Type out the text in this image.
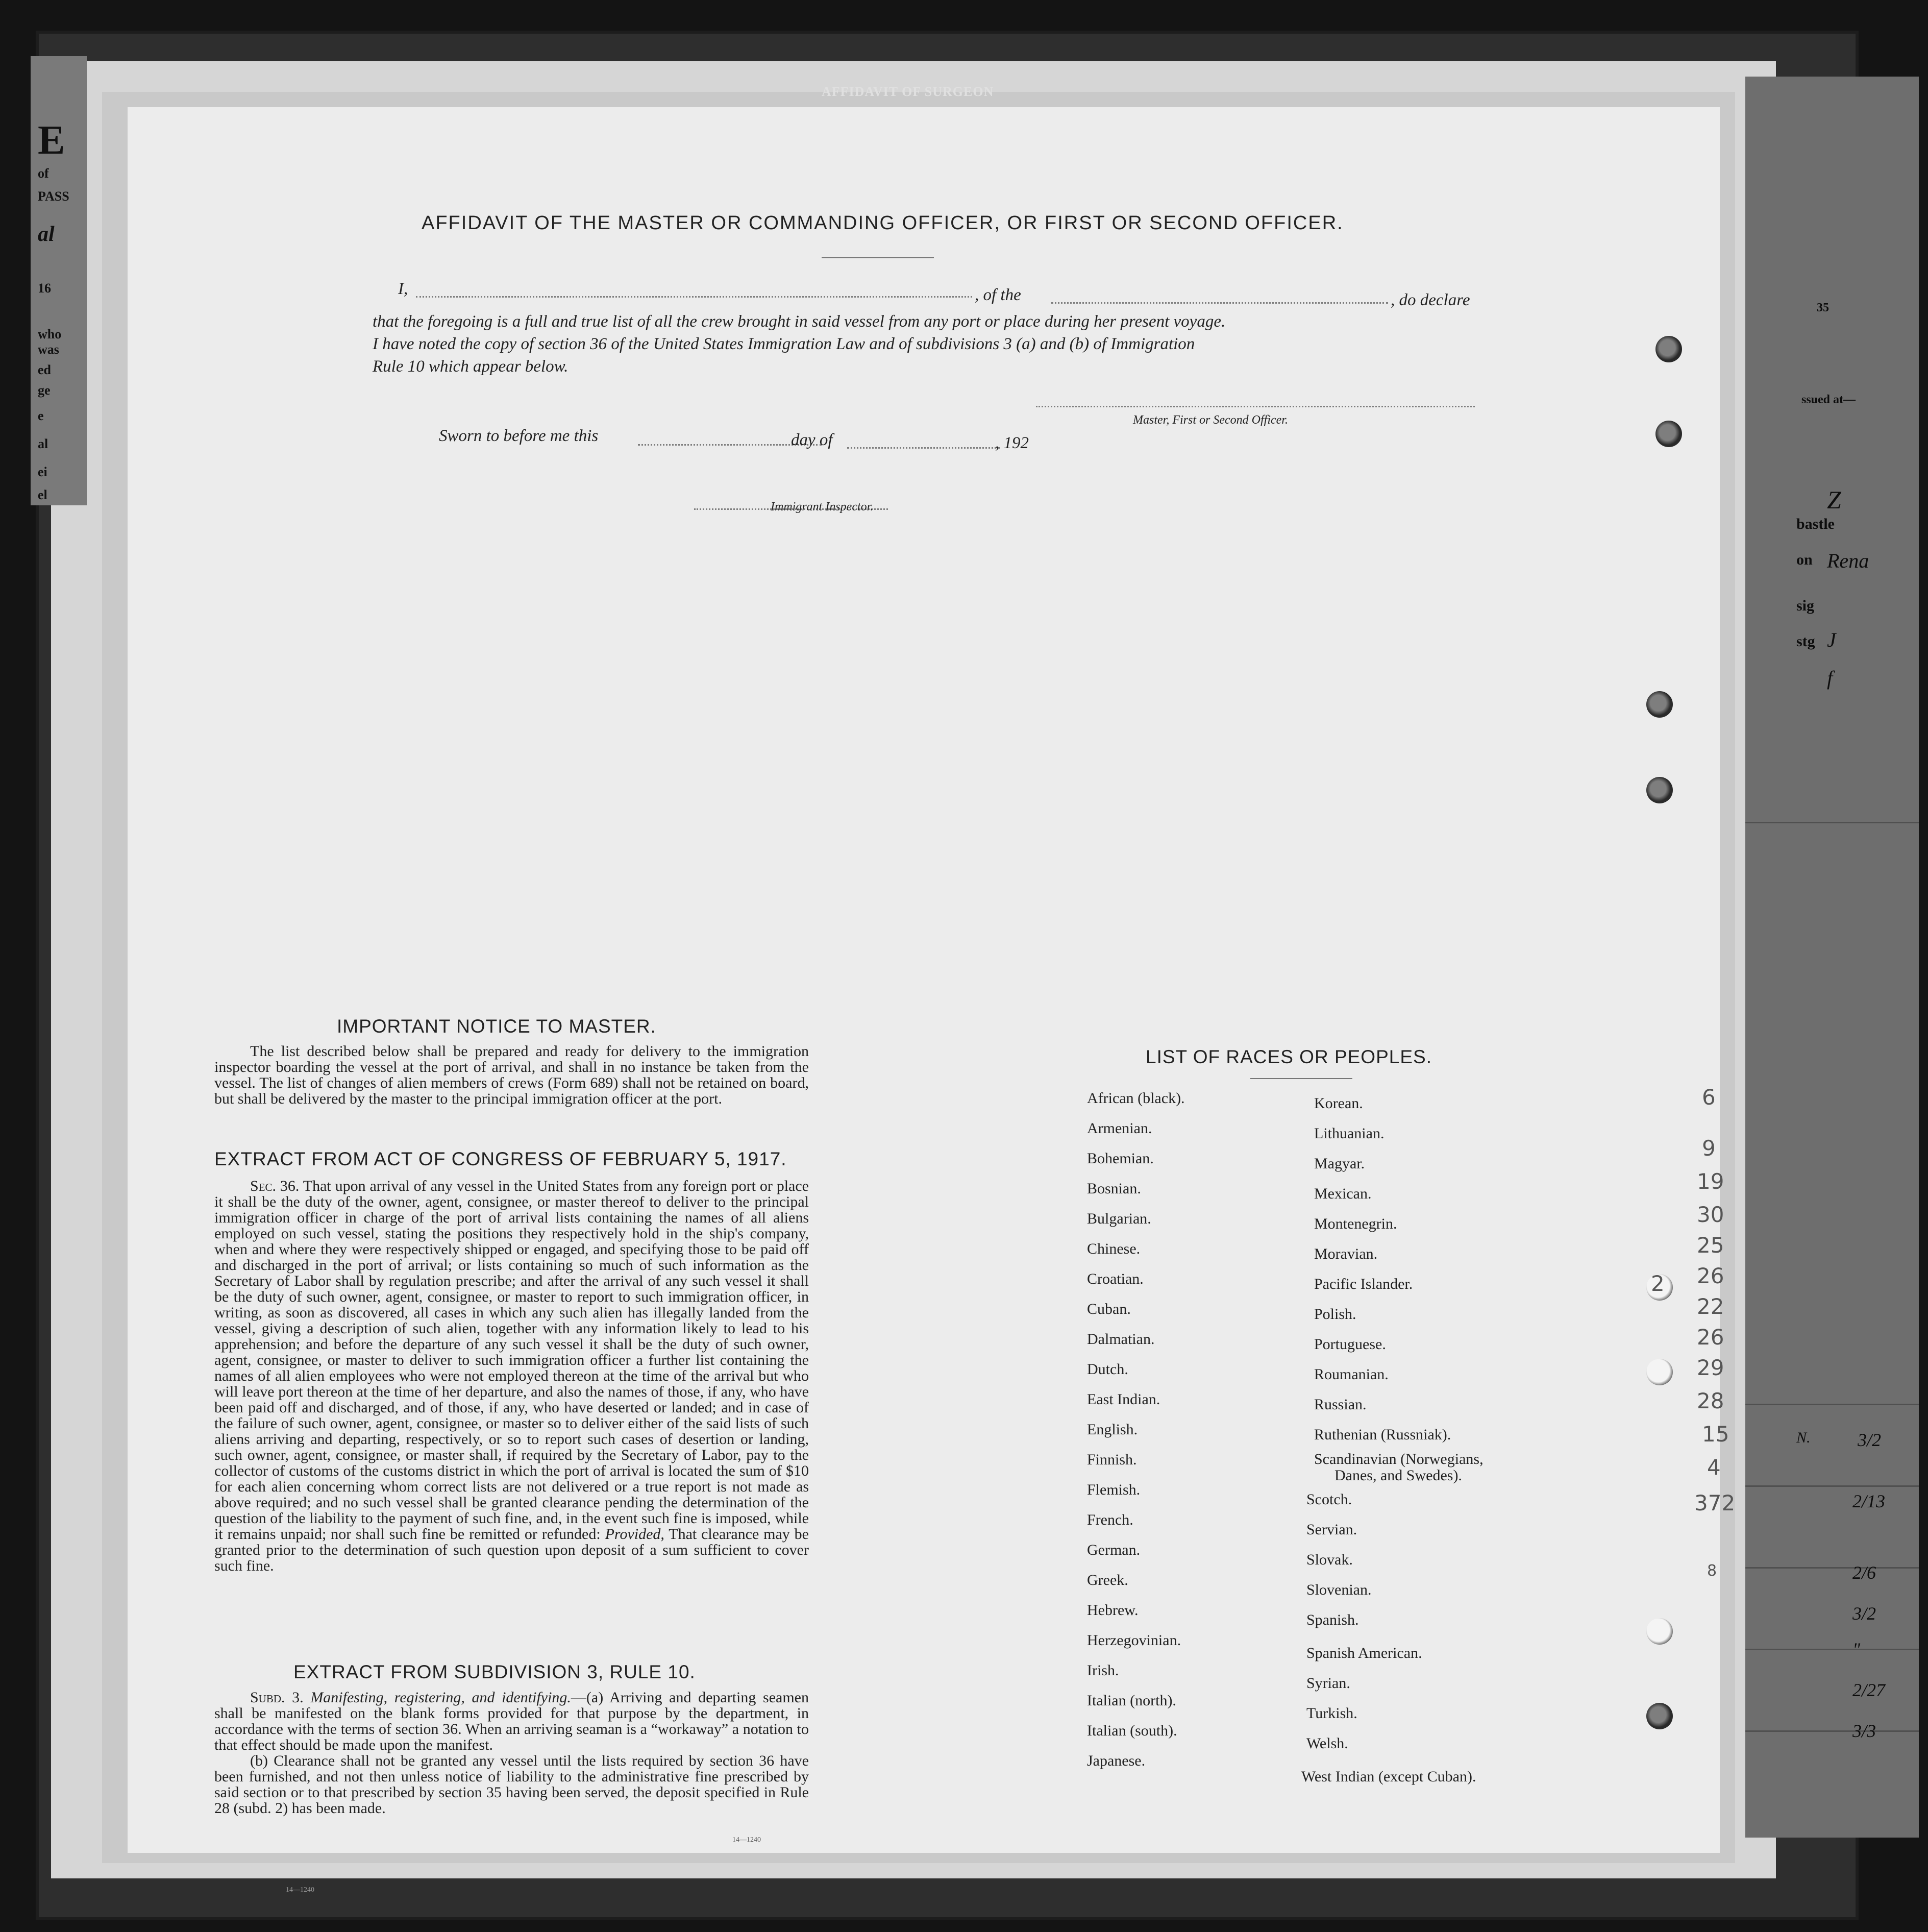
AFFIDAVIT OF SURGEON
E
of
PASS
al
16
who
was
ed
ge
e
al
ei
el
35
ssued at—
bastle
on
sig
stg
Z
Rena
J
f
N.	3/2
2/13
2/6
3/2
"
2/27
3/3
AFFIDAVIT OF THE MASTER OR COMMANDING OFFICER, OR FIRST OR SECOND OFFICER.
I,	, of the	, do declare
that the foregoing is a full and true list of all the crew brought in said vessel from any port or place during her present voyage.
I have noted the copy of section 36 of the United States Immigration Law and of subdivisions 3 (a) and (b) of Immigration
Rule 10 which appear below.
Master, First or Second Officer.
Sworn to before me this	day of	, 192
Immigrant Inspector.
IMPORTANT NOTICE TO MASTER.

The list described below shall be prepared and ready for delivery to the immigration inspector boarding the vessel at the port of arrival, and shall in no instance be taken from the vessel. The list of changes of alien members of crews (Form 689) shall not be retained on board, but shall be delivered by the master to the principal immigration officer at the port.

EXTRACT FROM ACT OF CONGRESS OF FEBRUARY 5, 1917.

Sec. 36. That upon arrival of any vessel in the United States from any foreign port or place it shall be the duty of the owner, agent, consignee, or master thereof to deliver to the principal immigration officer in charge of the port of arrival lists containing the names of all aliens employed on such vessel, stating the positions they respectively hold in the ship's company, when and where they were respectively shipped or engaged, and specifying those to be paid off and discharged in the port of arrival; or lists containing so much of such information as the Secretary of Labor shall by regulation prescribe; and after the arrival of any such vessel it shall be the duty of such owner, agent, consignee, or master to report to such immigration officer, in writing, as soon as discovered, all cases in which any such alien has illegally landed from the vessel, giving a description of such alien, together with any information likely to lead to his apprehension; and before the departure of any such vessel it shall be the duty of such owner, agent, consignee, or master to deliver to such immigration officer a further list containing the names of all alien employees who were not employed thereon at the time of the arrival but who will leave port thereon at the time of her departure, and also the names of those, if any, who have been paid off and discharged, and of those, if any, who have deserted or landed; and in case of the failure of such owner, agent, consignee, or master so to deliver either of the said lists of such aliens arriving and departing, respectively, or so to report such cases of desertion or landing, such owner, agent, consignee, or master shall, if required by the Secretary of Labor, pay to the collector of customs of the customs district in which the port of arrival is located the sum of $10 for each alien concerning whom correct lists are not delivered or a true report is not made as above required; and no such vessel shall be granted clearance pending the determination of the question of the liability to the payment of such fine, and, in the event such fine is imposed, while it remains unpaid; nor shall such fine be remitted or refunded: Provided, That clearance may be granted prior to the determination of such question upon deposit of a sum sufficient to cover such fine.

EXTRACT FROM SUBDIVISION 3, RULE 10.

Subd. 3. Manifesting, registering, and identifying.—(a) Arriving and departing seamen shall be manifested on the blank forms provided for that purpose by the department, in accordance with the terms of section 36. When an arriving seaman is a “workaway” a notation to that effect should be made upon the manifest.

(b) Clearance shall not be granted any vessel until the lists required by section 36 have been furnished, and not then unless notice of liability to the administrative fine prescribed by said section or to that prescribed by section 35 having been served, the deposit specified in Rule 28 (subd. 2) has been made.

14—1240
LIST OF RACES OR PEOPLES.
African (black).
Armenian.
Bohemian.
Bosnian.
Bulgarian.
Chinese.
Croatian.
Cuban.
Dalmatian.
Dutch.
East Indian.
English.
Finnish.
Flemish.
French.
German.
Greek.
Hebrew.
Herzegovinian.
Irish.
Italian (north).
Italian (south).
Japanese.
Korean.
Lithuanian.
Magyar.
Mexican.
Montenegrin.
Moravian.
Pacific Islander.
Polish.
Portuguese.
Roumanian.
Russian.
Ruthenian (Russniak).
Scandinavian (Norwegians,
Danes, and Swedes).
Scotch.
Servian.
Slovak.
Slovenian.
Spanish.
Spanish American.
Syrian.
Turkish.
Welsh.
West Indian (except Cuban).
6
9
19
30
25
26
22
26
29
28
15
4
372
8
2
14—1240
